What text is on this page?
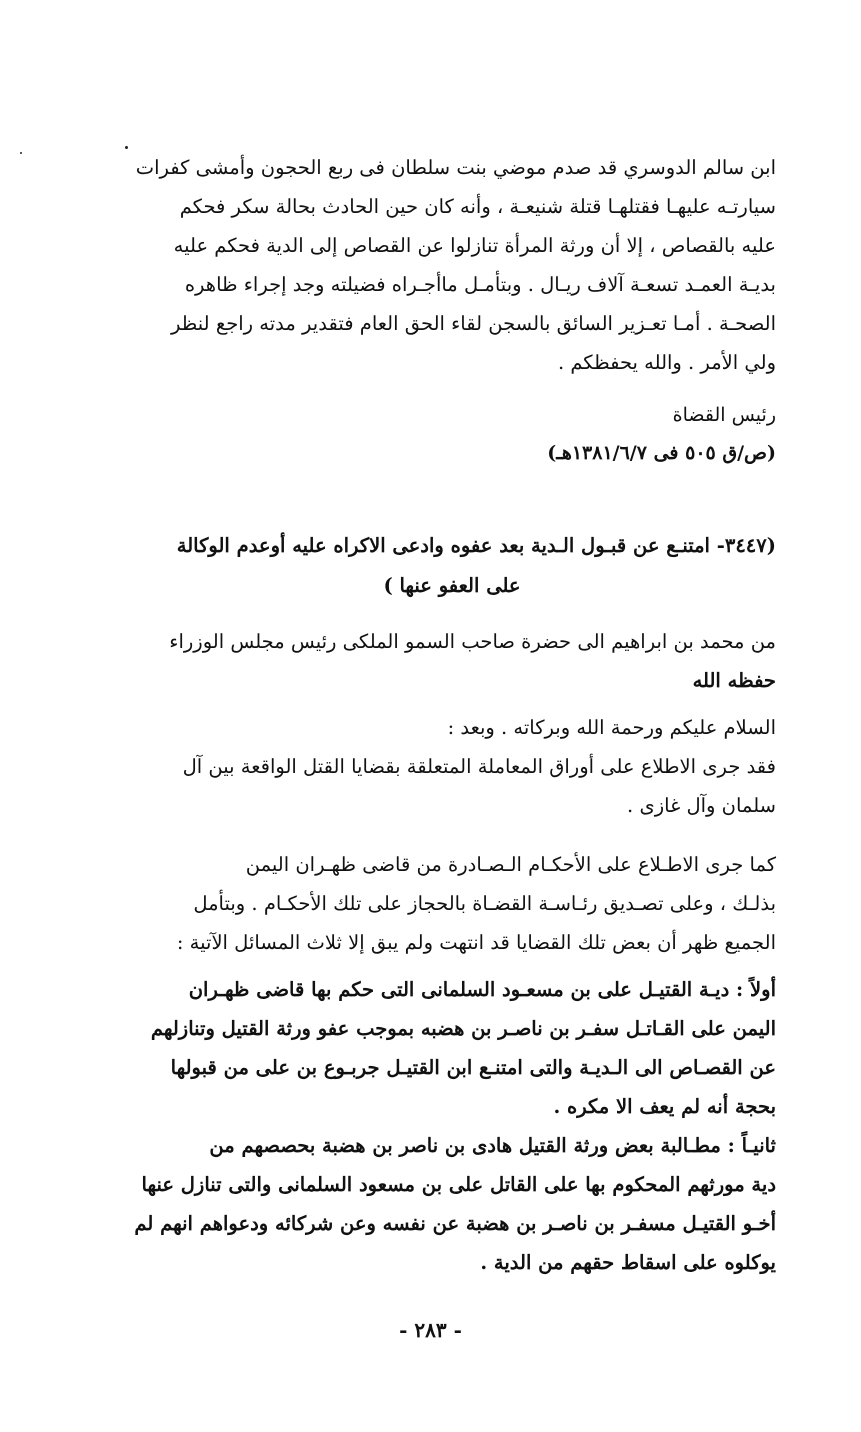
ابن سالم الدوسري قد صدم موضي بنت سلطان فى ربع الحجون وأمشى كفرات
سيارتـه عليهـا فقتلهـا قتلة شنيعـة ، وأنه كان حين الحادث بحالة سكر فحكم
عليه بالقصاص ، إلا أن ورثة المرأة تنازلوا عن القصاص إلى الدية فحكم عليه
بديـة العمـد تسعـة آلاف ريـال . وبتأمـل ماأجـراه فضيلته وجد إجراء ظاهره
الصحـة . أمـا تعـزير السائق بالسجن لقاء الحق العام فتقدير مدته راجع لنظر
ولي الأمر . والله يحفظكم .

رئيس القضاة
(ص/ق ٥٠٥ فى ١٣٨١/٦/٧هـ)
(٣٤٤٧- امتنـع عن قبـول الـدية بعد عفوه وادعى الاكراه عليه أوعدم الوكالة
على العفو عنها )

من محمد بن ابراهيم الى حضرة صاحب السمو الملكى رئيس مجلس الوزراء
حفظه الله

السلام عليكم ورحمة الله وبركاته . وبعد :

فقد جرى الاطلاع على أوراق المعاملة المتعلقة بقضايا القتل الواقعة بين آل
سلمان وآل غازى .

كما جرى الاطـلاع على الأحكـام الـصـادرة من قاضى ظهـران اليمن
بذلـك ، وعلى تصـديق رئـاسـة القضـاة بالحجاز على تلك الأحكـام . وبتأمل
الجميع ظهر أن بعض تلك القضايا قد انتهت ولم يبق إلا ثلاث المسائل الآتية :

أولاً : ديـة القتيـل على بن مسعـود السلمانى التى حكم بها قاضى ظهـران
اليمن على القـاتـل سفـر بن ناصـر بن هضبه بموجب عفو ورثة القتيل وتنازلهم
عن القصـاص الى الـديـة والتى امتنـع ابن القتيـل جربـوع بن على من قبولها
بحجة أنه لم يعف الا مكره .

ثانيـاً : مطـالبة بعض ورثة القتيل هادى بن ناصر بن هضبة بحصصهم من
دية مورثهم المحكوم بها على القاتل على بن مسعود السلمانى والتى تنازل عنها
أخـو القتيـل مسفـر بن ناصـر بن هضبة عن نفسه وعن شركائه ودعواهم انهم لم
يوكلوه على اسقاط حقهم من الدية .

- ٢٨٣ -
